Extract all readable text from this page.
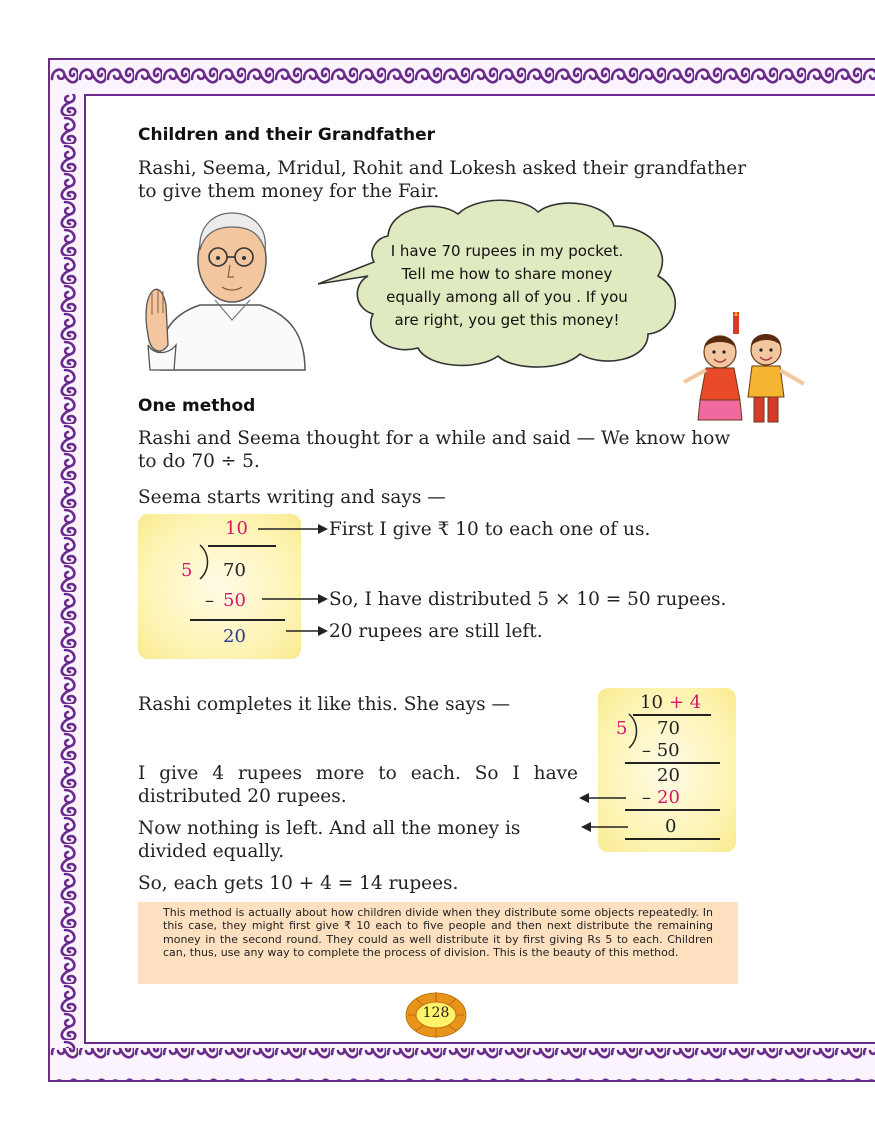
Children and their Grandfather
Rashi, Seema, Mridul, Rohit and Lokesh asked their grandfather to give them money for the Fair.
I have 70 rupees in my pocket.
Tell me how to share money
equally among all of you . If you
are right, you get this money!
One method
Rashi and Seema thought for a while and said — We know how to do 70 ÷ 5.
Seema starts writing and says —
10
5 70
– 50
20
First I give ₹ 10 to each one of us.
So, I have distributed 5 × 10 = 50 rupees.
20 rupees are still left.
Rashi completes it like this. She says —
I give 4 rupees more to each. So I have distributed 20 rupees.
Now nothing is left. And all the money is divided equally.
10 + 4
5 70
– 50
20
– 20
0
So, each gets 10 + 4 = 14 rupees.
This method is actually about how children divide when they distribute some objects repeatedly. In this case, they might first give ₹ 10 each to five people and then next distribute the remaining money in the second round. They could as well distribute it by first giving Rs 5 to each. Children can, thus, use any way to complete the process of division. This is the beauty of this method.
128
